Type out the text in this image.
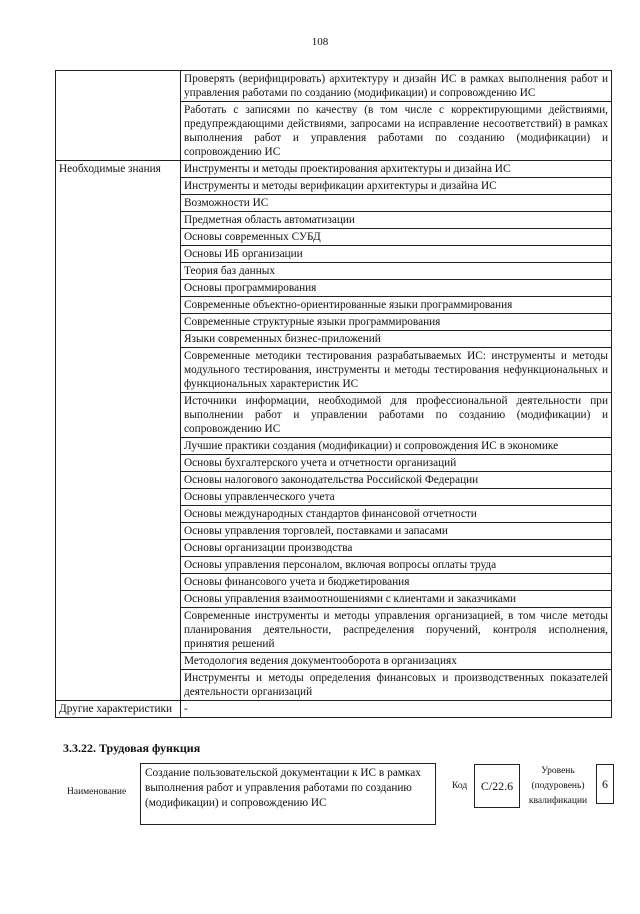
108
	Проверять (верифицировать) архитектуру и дизайн ИС в рамках выполнения работ и управления работами по созданию (модификации) и сопровождению ИС
	Работать с записями по качеству (в том числе с корректирующими действиями, предупреждающими действиями, запросами на исправление несоответствий) в рамках выполнения работ и управления работами по созданию (модификации) и сопровождению ИС
Необходимые знания	Инструменты и методы проектирования архитектуры и дизайна ИС
	Инструменты и методы верификации архитектуры и дизайна ИС
	Возможности ИС
	Предметная область автоматизации
	Основы современных СУБД
	Основы ИБ организации
	Теория баз данных
	Основы программирования
	Современные объектно-ориентированные языки программирования
	Современные структурные языки программирования
	Языки современных бизнес-приложений
	Современные методики тестирования разрабатываемых ИС: инструменты и методы модульного тестирования, инструменты и методы тестирования нефункциональных и функциональных характеристик ИС
	Источники информации, необходимой для профессиональной деятельности при выполнении работ и управлении работами по созданию (модификации) и сопровождению ИС
	Лучшие практики создания (модификации) и сопровождения ИС в экономике
	Основы бухгалтерского учета и отчетности организаций
	Основы налогового законодательства Российской Федерации
	Основы управленческого учета
	Основы международных стандартов финансовой отчетности
	Основы управления торговлей, поставками и запасами
	Основы организации производства
	Основы управления персоналом, включая вопросы оплаты труда
	Основы финансового учета и бюджетирования
	Основы управления взаимоотношениями с клиентами и заказчиками
	Современные инструменты и методы управления организацией, в том числе методы планирования деятельности, распределения поручений, контроля исполнения, принятия решений
	Методология ведения документооборота в организациях
	Инструменты и методы определения финансовых и производственных показателей деятельности организаций
Другие характеристики	-
3.3.22. Трудовая функция
Наименование
Создание пользовательской документации к ИС в рамках выполнения работ и управления работами по созданию (модификации) и сопровождению ИС
Код	C/22.6
Уровень (подуровень) квалификации
6
